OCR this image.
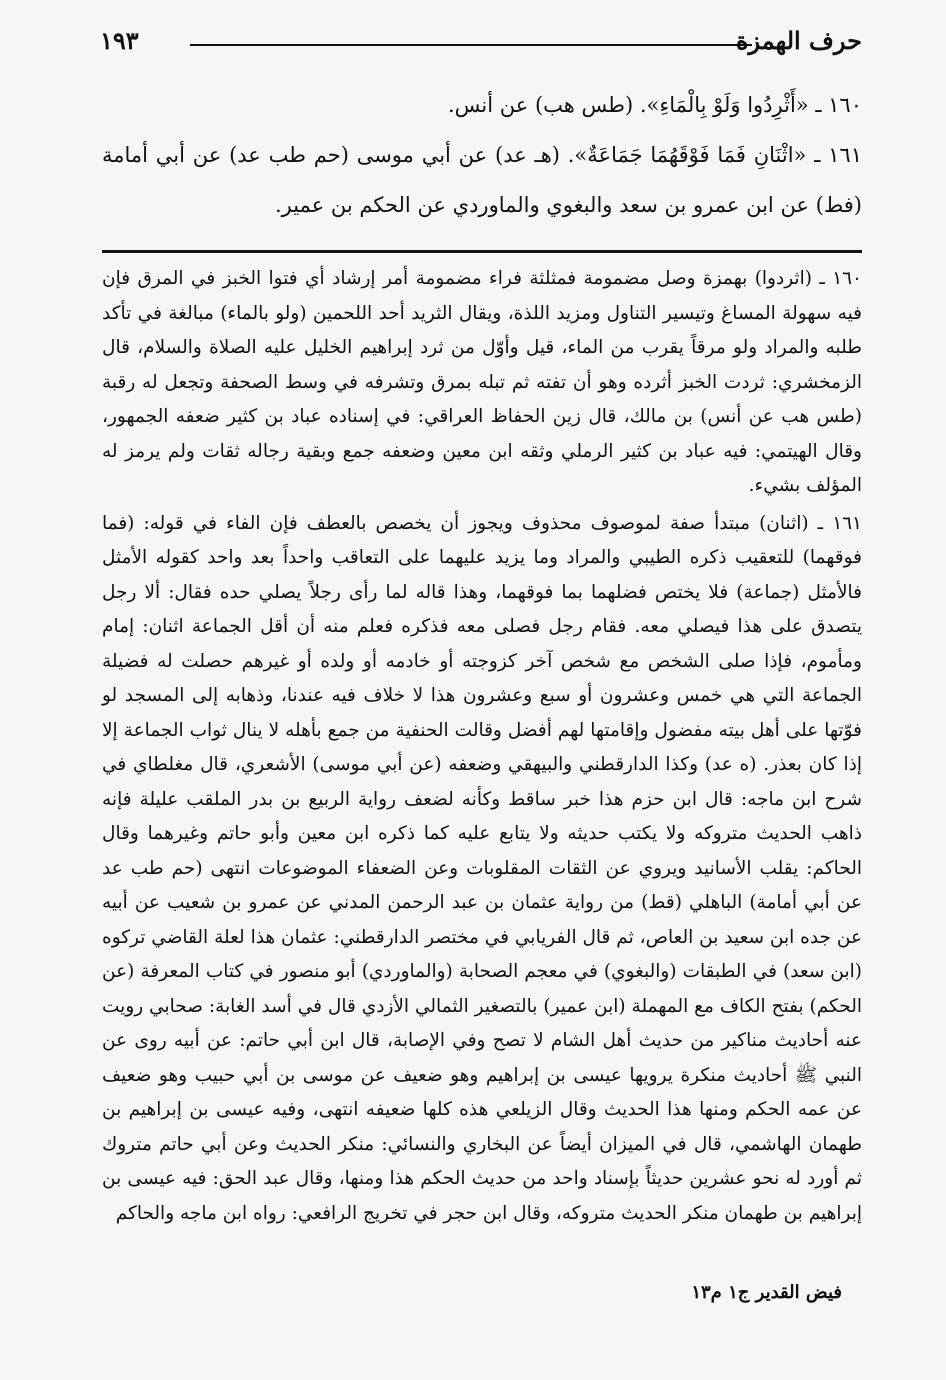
حرف الهمزة
١٩٣
١٦٠ ـ «أَثْرِدُوا وَلَوْ بِالْمَاءِ». (طس هب) عن أنس.
١٦١ ـ «اثْنَانِ فَمَا فَوْقَهُمَا جَمَاعَةٌ». (هـ عد) عن أبي موسى (حم طب عد) عن أبي أمامة (فط) عن ابن عمرو بن سعد والبغوي والماوردي عن الحكم بن عمير.

١٦٠ ـ (اثردوا) بهمزة وصل مضمومة فمثلثة فراء مضمومة أمر إرشاد أي فتوا الخبز في المرق فإن فيه سهولة المساغ وتيسير التناول ومزيد اللذة، ويقال الثريد أحد اللحمين (ولو بالماء) مبالغة في تأكد طلبه والمراد ولو مرقاً يقرب من الماء، قيل وأوّل من ثرد إبراهيم الخليل عليه الصلاة والسلام، قال الزمخشري: ثردت الخبز أثرده وهو أن تفته ثم تبله بمرق وتشرفه في وسط الصحفة وتجعل له رقبة (طس هب عن أنس) بن مالك، قال زين الحفاظ العراقي: في إسناده عباد بن كثير ضعفه الجمهور، وقال الهيتمي: فيه عباد بن كثير الرملي وثقه ابن معين وضعفه جمع وبقية رجاله ثقات ولم يرمز له المؤلف بشيء.

١٦١ ـ (اثنان) مبتدأ صفة لموصوف محذوف ويجوز أن يخصص بالعطف فإن الفاء في قوله: (فما فوقهما) للتعقيب ذكره الطيبي والمراد وما يزيد عليهما على التعاقب واحداً بعد واحد كقوله الأمثل فالأمثل (جماعة) فلا يختص فضلهما بما فوقهما، وهذا قاله لما رأى رجلاً يصلي حده فقال: ألا رجل يتصدق على هذا فيصلي معه. فقام رجل فصلى معه فذكره فعلم منه أن أقل الجماعة اثنان: إمام ومأموم، فإذا صلى الشخص مع شخص آخر كزوجته أو خادمه أو ولده أو غيرهم حصلت له فضيلة الجماعة التي هي خمس وعشرون أو سبع وعشرون هذا لا خلاف فيه عندنا، وذهابه إلى المسجد لو فوّتها على أهل بيته مفضول وإقامتها لهم أفضل وقالت الحنفية من جمع بأهله لا ينال ثواب الجماعة إلا إذا كان بعذر. (ه عد) وكذا الدارقطني والبيهقي وضعفه (عن أبي موسى) الأشعري، قال مغلطاي في شرح ابن ماجه: قال ابن حزم هذا خبر ساقط وكأنه لضعف رواية الربيع بن بدر الملقب عليلة فإنه ذاهب الحديث متروكه ولا يكتب حديثه ولا يتابع عليه كما ذكره ابن معين وأبو حاتم وغيرهما وقال الحاكم: يقلب الأسانيد ويروي عن الثقات المقلوبات وعن الضعفاء الموضوعات انتهى (حم طب عد عن أبي أمامة) الباهلي (قط) من رواية عثمان بن عبد الرحمن المدني عن عمرو بن شعيب عن أبيه عن جده ابن سعيد بن العاص، ثم قال الفريابي في مختصر الدارقطني: عثمان هذا لعلة القاضي تركوه (ابن سعد) في الطبقات (والبغوي) في معجم الصحابة (والماوردي) أبو منصور في كتاب المعرفة (عن الحكم) بفتح الكاف مع المهملة (ابن عمير) بالتصغير الثمالي الأزدي قال في أسد الغابة: صحابي رويت عنه أحاديث مناكير من حديث أهل الشام لا تصح وفي الإصابة، قال ابن أبي حاتم: عن أبيه روى عن النبي ﷺ أحاديث منكرة يرويها عيسى بن إبراهيم وهو ضعيف عن موسى بن أبي حبيب وهو ضعيف عن عمه الحكم ومنها هذا الحديث وقال الزيلعي هذه كلها ضعيفه انتهى، وفيه عيسى بن إبراهيم بن طهمان الهاشمي، قال في الميزان أيضاً عن البخاري والنسائي: منكر الحديث وعن أبي حاتم متروك ثم أورد له نحو عشرين حديثاً بإسناد واحد من حديث الحكم هذا ومنها، وقال عبد الحق: فيه عيسى بن إبراهيم بن طهمان منكر الحديث متروكه، وقال ابن حجر في تخريج الرافعي: رواه ابن ماجه والحاكم

فيض القدير ج١ م١٣
